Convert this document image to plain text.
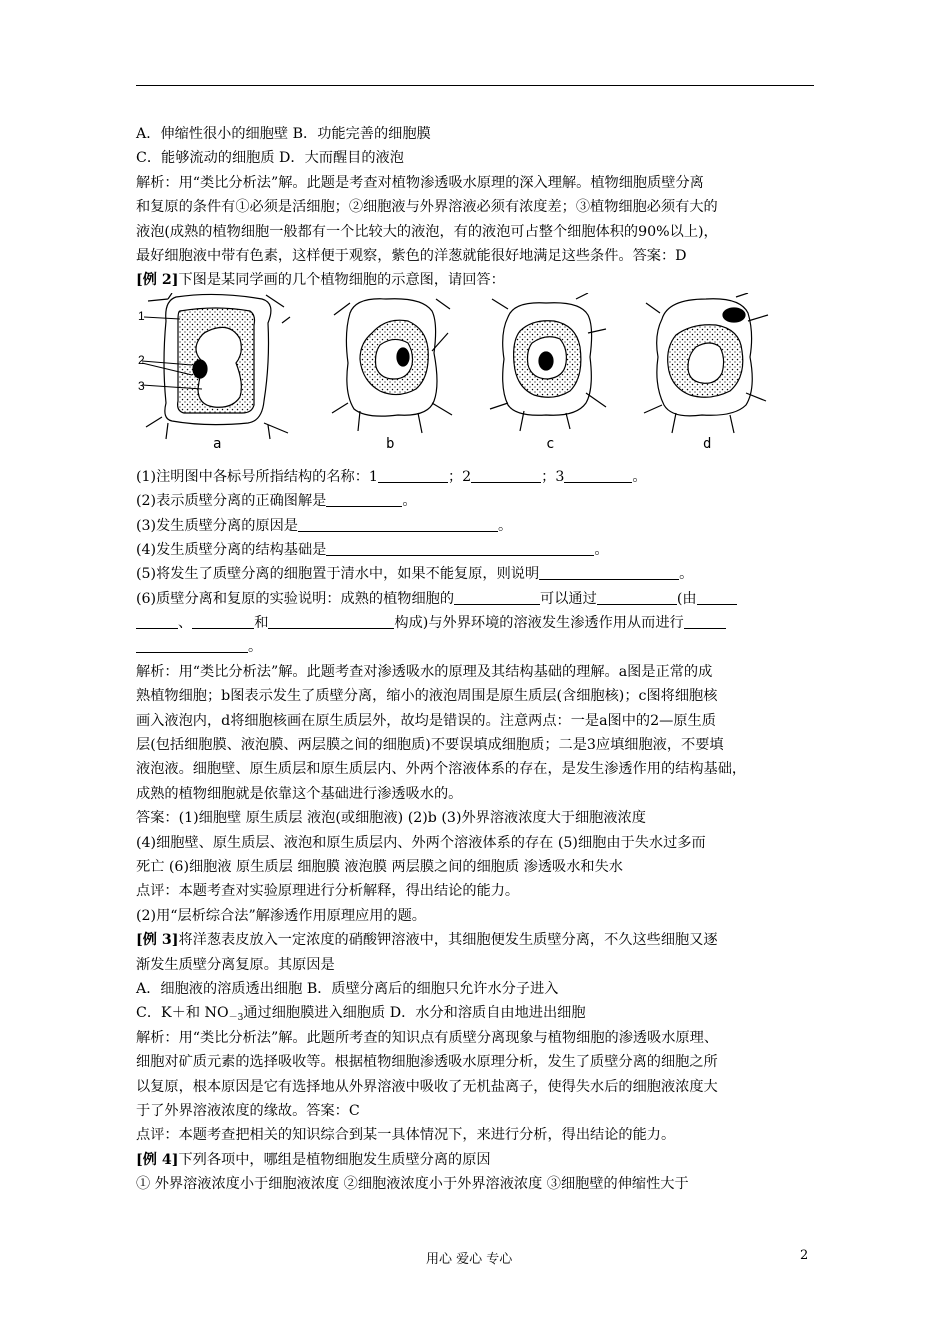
A．伸缩性很小的细胞壁 B．功能完善的细胞膜
C．能够流动的细胞质 D．大而醒目的液泡
解析：用“类比分析法”解。此题是考查对植物渗透吸水原理的深入理解。植物细胞质壁分离
和复原的条件有①必须是活细胞；②细胞液与外界溶液必须有浓度差；③植物细胞必须有大的
液泡(成熟的植物细胞一般都有一个比较大的液泡，有的液泡可占整个细胞体积的90%以上)，
最好细胞液中带有色素，这样便于观察，紫色的洋葱就能很好地满足这些条件。答案：D
[例 2]下图是某同学画的几个植物细胞的示意图，请回答：
1
2
3
a	b	c	d
(1)注明图中各标号所指结构的名称：1	；2	；3	。
(2)表示质壁分离的正确图解是	。
(3)发生质壁分离的原因是	。
(4)发生质壁分离的结构基础是	。
(5)将发生了质壁分离的细胞置于清水中，如果不能复原，则说明	。
(6)质壁分离和复原的实验说明：成熟的植物细胞的	可以通过	(由
、	和	构成)与外界环境的溶液发生渗透作用从而进行
。
解析：用“类比分析法”解。此题考查对渗透吸水的原理及其结构基础的理解。a图是正常的成
熟植物细胞；b图表示发生了质壁分离，缩小的液泡周围是原生质层(含细胞核)；c图将细胞核
画入液泡内，d将细胞核画在原生质层外，故均是错误的。注意两点：一是a图中的2—原生质
层(包括细胞膜、液泡膜、两层膜之间的细胞质)不要误填成细胞质；二是3应填细胞液，不要填
液泡液。细胞壁、原生质层和原生质层内、外两个溶液体系的存在，是发生渗透作用的结构基础，
成熟的植物细胞就是依靠这个基础进行渗透吸水的。
答案：(1)细胞壁 原生质层 液泡(或细胞液) (2)b (3)外界溶液浓度大于细胞液浓度
(4)细胞壁、原生质层、液泡和原生质层内、外两个溶液体系的存在 (5)细胞由于失水过多而
死亡 (6)细胞液 原生质层 细胞膜 液泡膜 两层膜之间的细胞质 渗透吸水和失水
点评：本题考查对实验原理进行分析解释，得出结论的能力。
(2)用“层析综合法”解渗透作用原理应用的题。
[例 3]将洋葱表皮放入一定浓度的硝酸钾溶液中，其细胞便发生质壁分离，不久这些细胞又逐
渐发生质壁分离复原。其原因是
A．细胞液的溶质透出细胞 B．质壁分离后的细胞只允许水分子进入
C．K＋和 $NO_{-3}$通过细胞膜进入细胞质 D．水分和溶质自由地进出细胞
解析：用“类比分析法”解。此题所考查的知识点有质壁分离现象与植物细胞的渗透吸水原理、
细胞对矿质元素的选择吸收等。根据植物细胞渗透吸水原理分析，发生了质壁分离的细胞之所
以复原，根本原因是它有选择地从外界溶液中吸收了无机盐离子，使得失水后的细胞液浓度大
于了外界溶液浓度的缘故。答案：C
点评：本题考查把相关的知识综合到某一具体情况下，来进行分析，得出结论的能力。
[例 4]下列各项中，哪组是植物细胞发生质壁分离的原因
① 外界溶液浓度小于细胞液浓度 ②细胞液浓度小于外界溶液浓度 ③细胞壁的伸缩性大于
用心 爱心 专心	2
